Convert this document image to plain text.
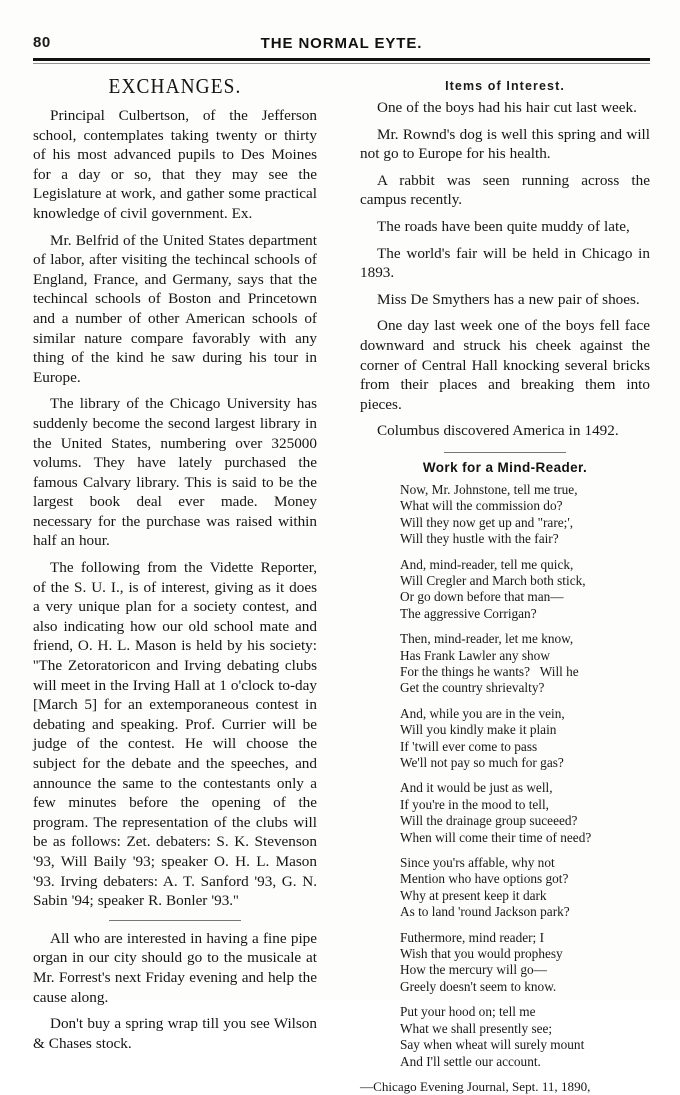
80	THE NORMAL EYTE.
EXCHANGES.

Principal Culbertson, of the Jefferson school, contemplates taking twenty or thirty of his most advanced pupils to Des Moines for a day or so, that they may see the Legislature at work, and gather some practical knowledge of civil government. Ex.

Mr. Belfrid of the United States department of labor, after visiting the techincal schools of England, France, and Germany, says that the techincal schools of Boston and Princetown and a number of other American schools of similar nature compare favorably with any thing of the kind he saw during his tour in Europe.

The library of the Chicago University has suddenly become the second largest library in the United States, numbering over 325000 volums. They have lately purchased the famous Calvary library. This is said to be the largest book deal ever made. Money necessary for the purchase was raised within half an hour.

The following from the Vidette Reporter, of the S. U. I., is of interest, giving as it does a very unique plan for a society contest, and also indicating how our old school mate and friend, O. H. L. Mason is held by his society: ''The Zetoratoricon and Irving debating clubs will meet in the Irving Hall at 1 o'clock to-day [March 5] for an extemporaneous contest in debating and speaking. Prof. Currier will be judge of the contest. He will choose the subject for the debate and the speeches, and announce the same to the contestants only a few minutes before the opening of the program. The representation of the clubs will be as follows: Zet. debaters: S. K. Stevenson '93, Will Baily '93; speaker O. H. L. Mason '93. Irving debaters: A. T. Sanford '93, G. N. Sabin '94; speaker R. Bonler '93.''

All who are interested in having a fine pipe organ in our city should go to the musicale at Mr. Forrest's next Friday evening and help the cause along.

Don't buy a spring wrap till you see Wilson & Chases stock.

Items of Interest.

One of the boys had his hair cut last week.

Mr. Rownd's dog is well this spring and will not go to Europe for his health.

A rabbit was seen running across the campus recently.

The roads have been quite muddy of late,

The world's fair will be held in Chicago in 1893.

Miss De Smythers has a new pair of shoes.

One day last week one of the boys fell face downward and struck his cheek against the corner of Central Hall knocking several bricks from their places and breaking them into pieces.

Columbus discovered America in 1492.

Work for a Mind-Reader.
Now, Mr. Johnstone, tell me true,
What will the commission do?
Will they now get up and "rare;',
Will they hustle with the fair?
And, mind-reader, tell me quick,
Will Cregler and March both stick,
Or go down before that man—
The aggressive Corrigan?
Then, mind-reader, let me know,
Has Frank Lawler any show
For the things he wants?   Will he
Get the country shrievalty?
And, while you are in the vein,
Will you kindly make it plain
If 'twill ever come to pass
We'll not pay so much for gas?
And it would be just as well,
If you're in the mood to tell,
Will the drainage group suceeed?
When will come their time of need?
Since you'rs affable, why not
Mention who have options got?
Why at present keep it dark
As to land 'round Jackson park?
Futhermore, mind reader; I
Wish that you would prophesy
How the mercury will go—
Greely doesn't seem to know.
Put your hood on; tell me
What we shall presently see;
Say when wheat will surely mount
And I'll settle our account.
—Chicago Evening Journal, Sept. 11, 1890,
